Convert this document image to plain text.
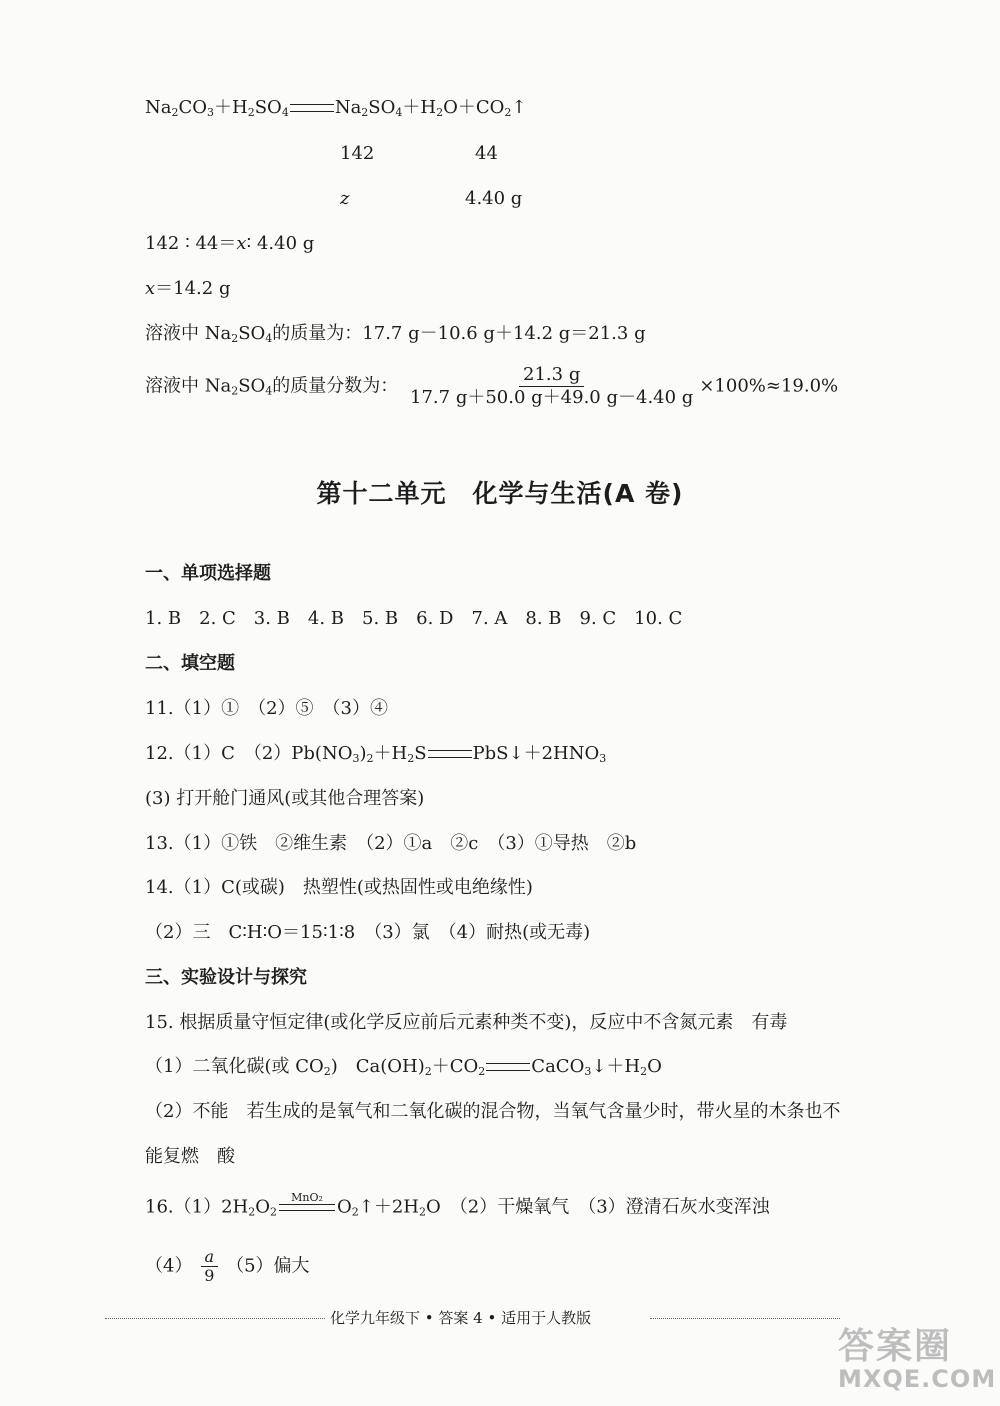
$Na_2CO_3+H_2SO_4$	$Na_2SO_4+H_2O+CO_2↑$
142	44
z	4.40 g
142 ∶ 44＝x∶ 4.40 g
x＝14.2 g
溶液中 $Na_2SO_4$的质量为：17.7 g－10.6 g＋14.2 g＝21.3 g
溶液中 $Na_2SO_4$的质量分数为： $\frac{21.3 g}{17.7 g+50.0 g+49.0 g-4.40 g} \times 100\%\approx 19.0\%$
第十二单元　化学与生活(A 卷)
一、单项选择题
1. B　2. C　3. B　4. B　5. B　6. D　7. A　8. B　9. C　10. C
二、填空题
11.（1）①　（2）⑤　（3）④
12.（1）C　$(2)Pb(NO_3)_2+H_2S$	$PbS↓+2HNO_3$
(3) 打开舱门通风(或其他合理答案)
13.（1）①铁　②维生素　（2）①a　②c　（3）①导热　②b
14.（1）C(或碳)　热塑性(或热固性或电绝缘性)
（2）三　C∶H∶O＝15∶1∶8　（3）氯　（4）耐热(或无毒)
三、实验设计与探究
15. 根据质量守恒定律(或化学反应前后元素种类不变)，反应中不含氮元素　有毒
（1）二氧化碳(或 $CO_2$)　$Ca(OH)_2+CO_2$	$CaCO_3↓+H_2O$
（2）不能　若生成的是氧气和二氧化碳的混合物，当氧气含量少时，带火星的木条也不
能复燃　酸
$16.(1)2H_2O_2$
MnO₂ $O_2↑+2H_2O$　（2）干燥氧气　（3）澄清石灰水变浑浊
$(4) \frac{a}{9} (5)$偏大
化学九年级下 • 答案 4 • 适用于人教版
答案圈
MXQE.COM
